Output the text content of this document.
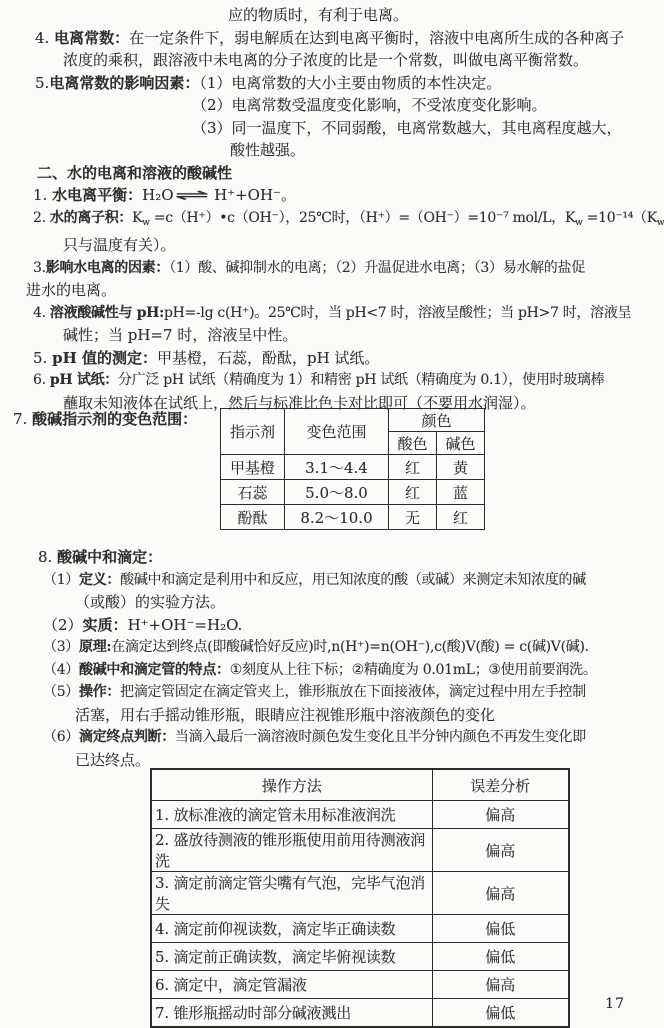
应的物质时，有利于电离。
4. 电离常数：在一定条件下，弱电解质在达到电离平衡时，溶液中电离所生成的各种离子
浓度的乘积，跟溶液中未电离的分子浓度的比是一个常数，叫做电离平衡常数。
5.电离常数的影响因素：（1）电离常数的大小主要由物质的本性决定。
（2）电离常数受温度变化影响，不受浓度变化影响。
（3）同一温度下，不同弱酸，电离常数越大，其电离程度越大，
酸性越强。
二、水的电离和溶液的酸碱性
1. 水电离平衡：H₂O⇌ H⁺+OH⁻。
2. 水的离子积：$K_w$ =c（H⁺）•c（OH⁻），25℃时，（H⁺）=（OH⁻）=10⁻⁷ mol/L，$K_w =10^{-14}(K_w$
只与温度有关）。
3.影响水电离的因素：（1）酸、碱抑制水的电离；（2）升温促进水电离；（3）易水解的盐促
进水的电离。
4. 溶液酸碱性与 pH:pH=-lg c(H⁺)。25℃时，当 pH<7 时，溶液呈酸性；当 pH>7 时，溶液呈
碱性；当 pH=7 时，溶液呈中性。
5. pH 值的测定：甲基橙，石蕊，酚酞，pH 试纸。
6. pH 试纸：分广泛 pH 试纸（精确度为 1）和精密 pH 试纸（精确度为 0.1），使用时玻璃棒
蘸取未知液体在试纸上，然后与标准比色卡对比即可（不要用水润湿）。
7. 酸碱指示剂的变色范围：
指示剂	变色范围	颜色	
		酸色	碱色
甲基橙	3.1～4.4	红	黄
石蕊	5.0～8.0	红	蓝
酚酞	8.2～10.0	无	红
8. 酸碱中和滴定：
（1）定义：酸碱中和滴定是利用中和反应，用已知浓度的酸（或碱）来测定未知浓度的碱
（或酸）的实验方法。
（2）实质：H⁺+OH⁻=H₂O.
（3）原理:在滴定达到终点(即酸碱恰好反应)时,n(H⁺)=n(OH⁻),c(酸)V(酸) = c(碱)V(碱).
（4）酸碱中和滴定管的特点：①刻度从上往下标；②精确度为 0.01mL；③使用前要润洗。
（5）操作：把滴定管固定在滴定管夹上，锥形瓶放在下面接液体，滴定过程中用左手控制
活塞，用右手摇动锥形瓶，眼睛应注视锥形瓶中溶液颜色的变化
（6）滴定终点判断：当滴入最后一滴溶液时颜色发生变化且半分钟内颜色不再发生变化即
已达终点。
操作方法	误差分析
1. 放标准液的滴定管未用标准液润洗	偏高
2. 盛放待测液的锥形瓶使用前用待测液润洗	偏高
3. 滴定前滴定管尖嘴有气泡，完毕气泡消失	偏高
4. 滴定前仰视读数，滴定毕正确读数	偏低
5. 滴定前正确读数，滴定毕俯视读数	偏低
6. 滴定中，滴定管漏液	偏高
7. 锥形瓶摇动时部分碱液溅出	偏低	17
